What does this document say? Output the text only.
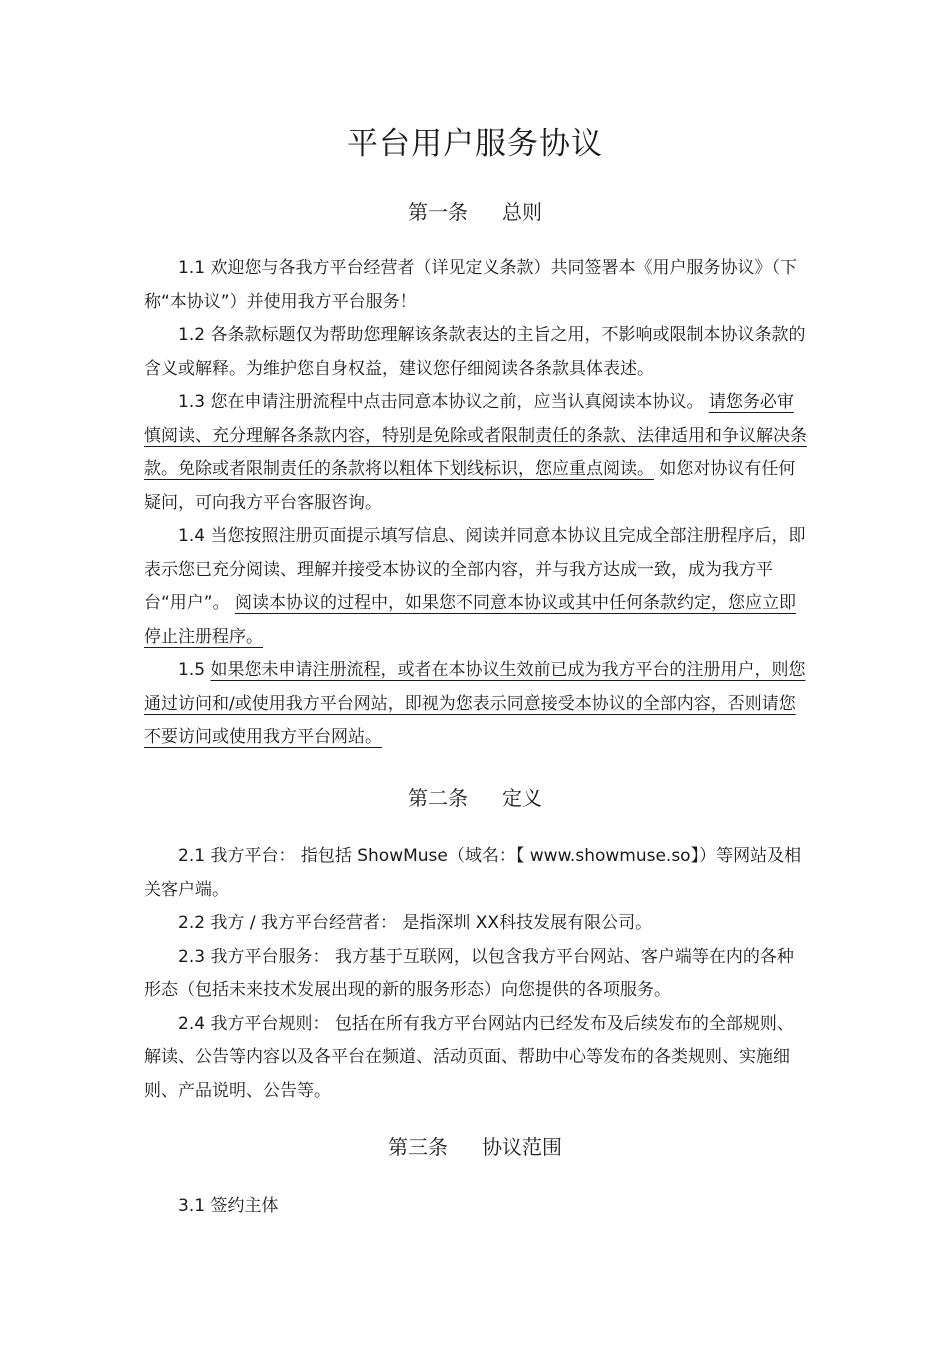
平台用户服务协议
第一条 总则

1.1 欢迎您与各我方平台经营者（详见定义条款）共同签署本《用户服务协议》（下称“本协议”）并使用我方平台服务！

1.2 各条款标题仅为帮助您理解该条款表达的主旨之用，不影响或限制本协议条款的含义或解释。为维护您自身权益，建议您仔细阅读各条款具体表述。

1.3 您在申请注册流程中点击同意本协议之前，应当认真阅读本协议。 请您务必审慎阅读、充分理解各条款内容，特别是免除或者限制责任的条款、法律适用和争议解决条款。免除或者限制责任的条款将以粗体下划线标识，您应重点阅读。 如您对协议有任何疑问，可向我方平台客服咨询。

1.4 当您按照注册页面提示填写信息、阅读并同意本协议且完成全部注册程序后，即表示您已充分阅读、理解并接受本协议的全部内容，并与我方达成一致，成为我方平台“用户”。 阅读本协议的过程中，如果您不同意本协议或其中任何条款约定，您应立即停止注册程序。

1.5 如果您未申请注册流程，或者在本协议生效前已成为我方平台的注册用户，则您通过访问和/或使用我方平台网站，即视为您表示同意接受本协议的全部内容，否则请您不要访问或使用我方平台网站。

第二条 定义

2.1 我方平台： 指包括 ShowMuse（域名：【 www.showmuse.so】）等网站及相关客户端。

2.2 我方 / 我方平台经营者： 是指深圳 XX科技发展有限公司。

2.3 我方平台服务： 我方基于互联网，以包含我方平台网站、客户端等在内的各种形态（包括未来技术发展出现的新的服务形态）向您提供的各项服务。

2.4 我方平台规则： 包括在所有我方平台网站内已经发布及后续发布的全部规则、解读、公告等内容以及各平台在频道、活动页面、帮助中心等发布的各类规则、实施细则、产品说明、公告等。

第三条 协议范围

3.1 签约主体
